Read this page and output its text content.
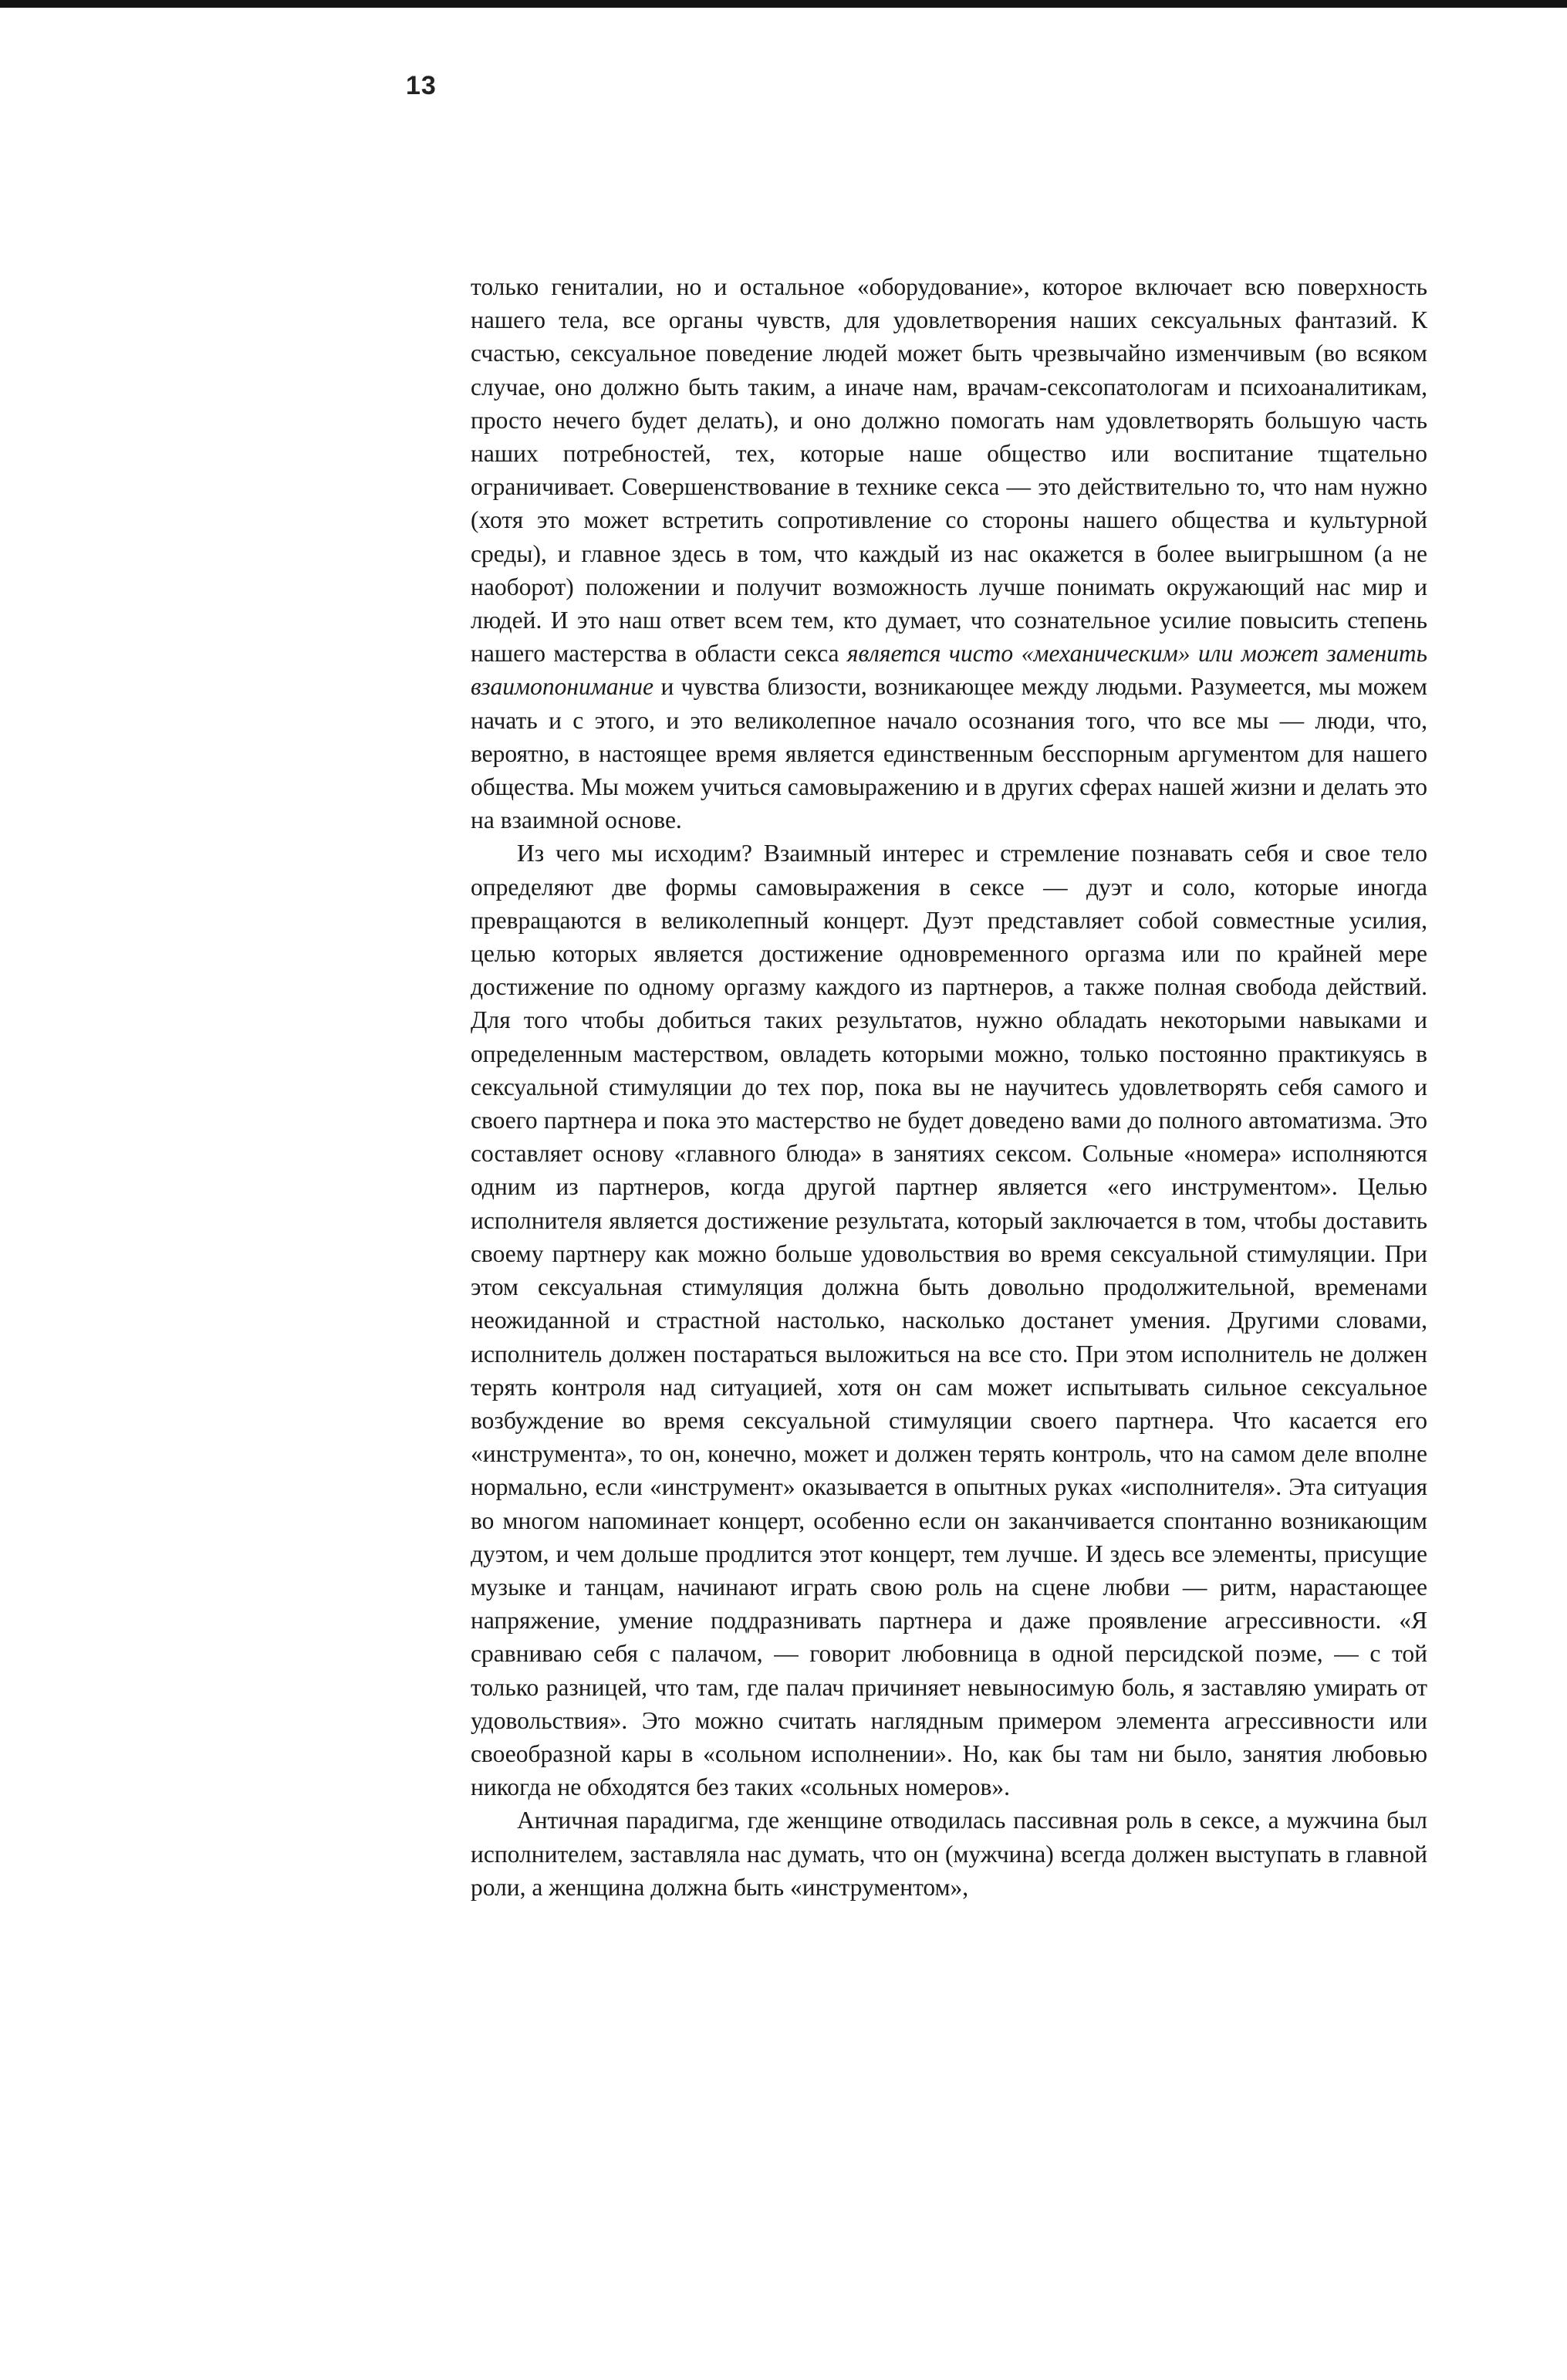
13

только гениталии, но и остальное «оборудование», которое включает всю поверхность нашего тела, все органы чувств, для удовлетворения наших сексуальных фантазий. К счастью, сексуальное поведение людей может быть чрезвычайно изменчивым (во всяком случае, оно должно быть таким, а иначе нам, врачам-сексопатологам и психоаналитикам, просто нечего будет делать), и оно должно помогать нам удовлетворять большую часть наших потребностей, тех, которые наше общество или воспитание тщательно ограничивает. Совершенствование в технике секса — это действительно то, что нам нужно (хотя это может встретить сопротивление со стороны нашего общества и культурной среды), и главное здесь в том, что каждый из нас окажется в более выигрышном (а не наоборот) положении и получит возможность лучше понимать окружающий нас мир и людей. И это наш ответ всем тем, кто думает, что сознательное усилие повысить степень нашего мастерства в области секса является чисто «механическим» или может заменить взаимопонимание и чувства близости, возникающее между людьми. Разумеется, мы можем начать и с этого, и это великолепное начало осознания того, что все мы — люди, что, вероятно, в настоящее время является единственным бесспорным аргументом для нашего общества. Мы можем учиться самовыражению и в других сферах нашей жизни и делать это на взаимной основе.

Из чего мы исходим? Взаимный интерес и стремление познавать себя и свое тело определяют две формы самовыражения в сексе — дуэт и соло, которые иногда превращаются в великолепный концерт. Дуэт представляет собой совместные усилия, целью которых является достижение одновременного оргазма или по крайней мере достижение по одному оргазму каждого из партнеров, а также полная свобода действий. Для того чтобы добиться таких результатов, нужно обладать некоторыми навыками и определенным мастерством, овладеть которыми можно, только постоянно практикуясь в сексуальной стимуляции до тех пор, пока вы не научитесь удовлетворять себя самого и своего партнера и пока это мастерство не будет доведено вами до полного автоматизма. Это составляет основу «главного блюда» в занятиях сексом. Сольные «номера» исполняются одним из партнеров, когда другой партнер является «его инструментом». Целью исполнителя является достижение результата, который заключается в том, чтобы доставить своему партнеру как можно больше удовольствия во время сексуальной стимуляции. При этом сексуальная стимуляция должна быть довольно продолжительной, временами неожиданной и страстной настолько, насколько достанет умения. Другими словами, исполнитель должен постараться выложиться на все сто. При этом исполнитель не должен терять контроля над ситуацией, хотя он сам может испытывать сильное сексуальное возбуждение во время сексуальной стимуляции своего партнера. Что касается его «инструмента», то он, конечно, может и должен терять контроль, что на самом деле вполне нормально, если «инструмент» оказывается в опытных руках «исполнителя». Эта ситуация во многом напоминает концерт, особенно если он заканчивается спонтанно возникающим дуэтом, и чем дольше продлится этот концерт, тем лучше. И здесь все элементы, присущие музыке и танцам, начинают играть свою роль на сцене любви — ритм, нарастающее напряжение, умение поддразнивать партнера и даже проявление агрессивности. «Я сравниваю себя с палачом, — говорит любовница в одной персидской поэме, — с той только разницей, что там, где палач причиняет невыносимую боль, я заставляю умирать от удовольствия». Это можно считать наглядным примером элемента агрессивности или своеобразной кары в «сольном исполнении». Но, как бы там ни было, занятия любовью никогда не обходятся без таких «сольных номеров».

Античная парадигма, где женщине отводилась пассивная роль в сексе, а мужчина был исполнителем, заставляла нас думать, что он (мужчина) всегда должен выступать в главной роли, а женщина должна быть «инструментом»,
